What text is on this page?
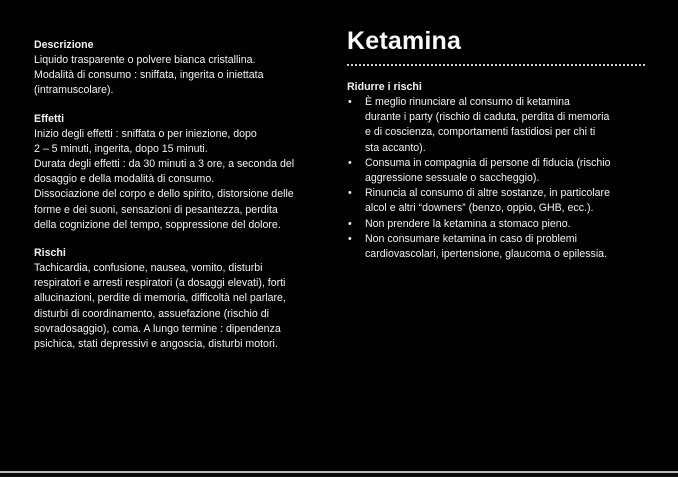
Descrizione

Liquido trasparente o polvere bianca cristallina.
Modalità di consumo : sniffata, ingerita o iniettata
(intramuscolare).

Effetti

Inizio degli effetti : sniffata o per iniezione, dopo
2 – 5 minuti, ingerita, dopo 15 minuti.
Durata degli effetti : da 30 minuti a 3 ore, a seconda del
dosaggio e della modalità di consumo.
Dissociazione del corpo e dello spirito, distorsione delle
forme e dei suoni, sensazioni di pesantezza, perdita
della cognizione del tempo, soppressione del dolore.

Rischi

Tachicardia, confusione, nausea, vomito, disturbi
respiratori e arresti respiratori (a dosaggi elevati), forti
allucinazioni, perdite di memoria, difficoltà nel parlare,
disturbi di coordinamento, assuefazione (rischio di
sovradosaggio), coma. A lungo termine : dipendenza
psichica, stati depressivi e angoscia, disturbi motori.
Ketamina

Ridurre i rischi

• È meglio rinunciare al consumo di ketamina
durante i party (rischio di caduta, perdita di memoria
e di coscienza, comportamenti fastidiosi per chi ti
sta accanto).
• Consuma in compagnia di persone di fiducia (rischio
aggressione sessuale o saccheggio).
• Rinuncia al consumo di altre sostanze, in particolare
alcol e altri “downers” (benzo, oppio, GHB, ecc.).
• Non prendere la ketamina a stomaco pieno.
• Non consumare ketamina in caso di problemi
cardiovascolari, ipertensione, glaucoma o epilessia.
